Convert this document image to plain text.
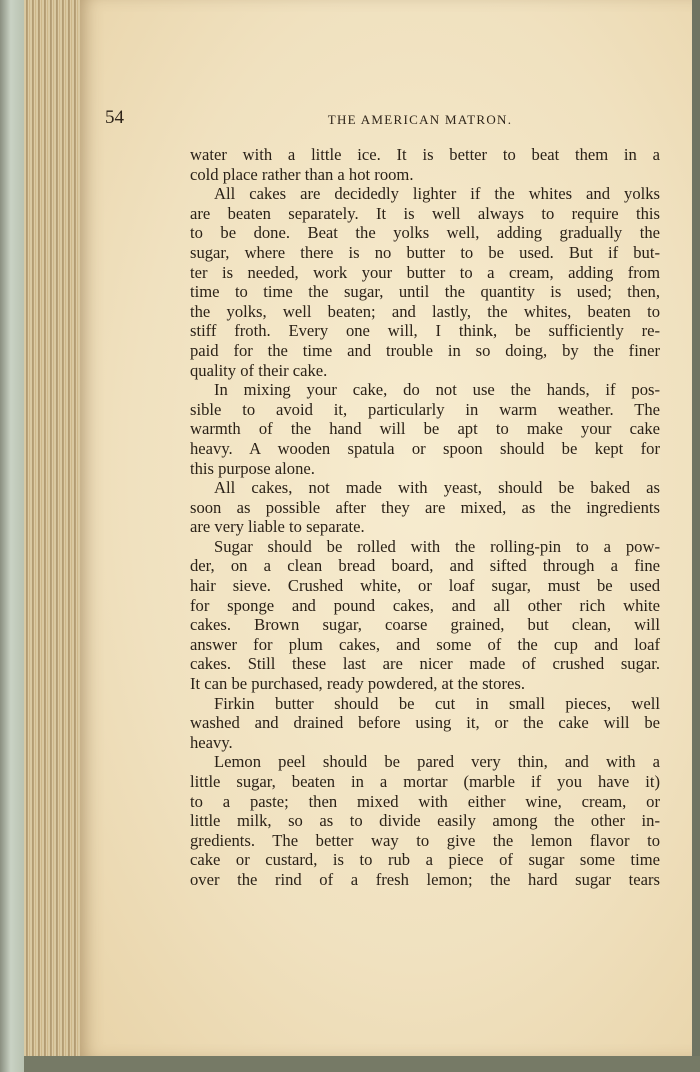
54	THE AMERICAN MATRON.
water with a little ice. It is better to beat them in a
cold place rather than a hot room.
All cakes are decidedly lighter if the whites and yolks
are beaten separately. It is well always to require this
to be done. Beat the yolks well, adding gradually the
sugar, where there is no butter to be used. But if but-
ter is needed, work your butter to a cream, adding from
time to time the sugar, until the quantity is used; then,
the yolks, well beaten; and lastly, the whites, beaten to
stiff froth. Every one will, I think, be sufficiently re-
paid for the time and trouble in so doing, by the finer
quality of their cake.
In mixing your cake, do not use the hands, if pos-
sible to avoid it, particularly in warm weather. The
warmth of the hand will be apt to make your cake
heavy. A wooden spatula or spoon should be kept for
this purpose alone.
All cakes, not made with yeast, should be baked as
soon as possible after they are mixed, as the ingredients
are very liable to separate.
Sugar should be rolled with the rolling-pin to a pow-
der, on a clean bread board, and sifted through a fine
hair sieve. Crushed white, or loaf sugar, must be used
for sponge and pound cakes, and all other rich white
cakes. Brown sugar, coarse grained, but clean, will
answer for plum cakes, and some of the cup and loaf
cakes. Still these last are nicer made of crushed sugar.
It can be purchased, ready powdered, at the stores.
Firkin butter should be cut in small pieces, well
washed and drained before using it, or the cake will be
heavy.
Lemon peel should be pared very thin, and with a
little sugar, beaten in a mortar (marble if you have it)
to a paste; then mixed with either wine, cream, or
little milk, so as to divide easily among the other in-
gredients. The better way to give the lemon flavor to
cake or custard, is to rub a piece of sugar some time
over the rind of a fresh lemon; the hard sugar tears
